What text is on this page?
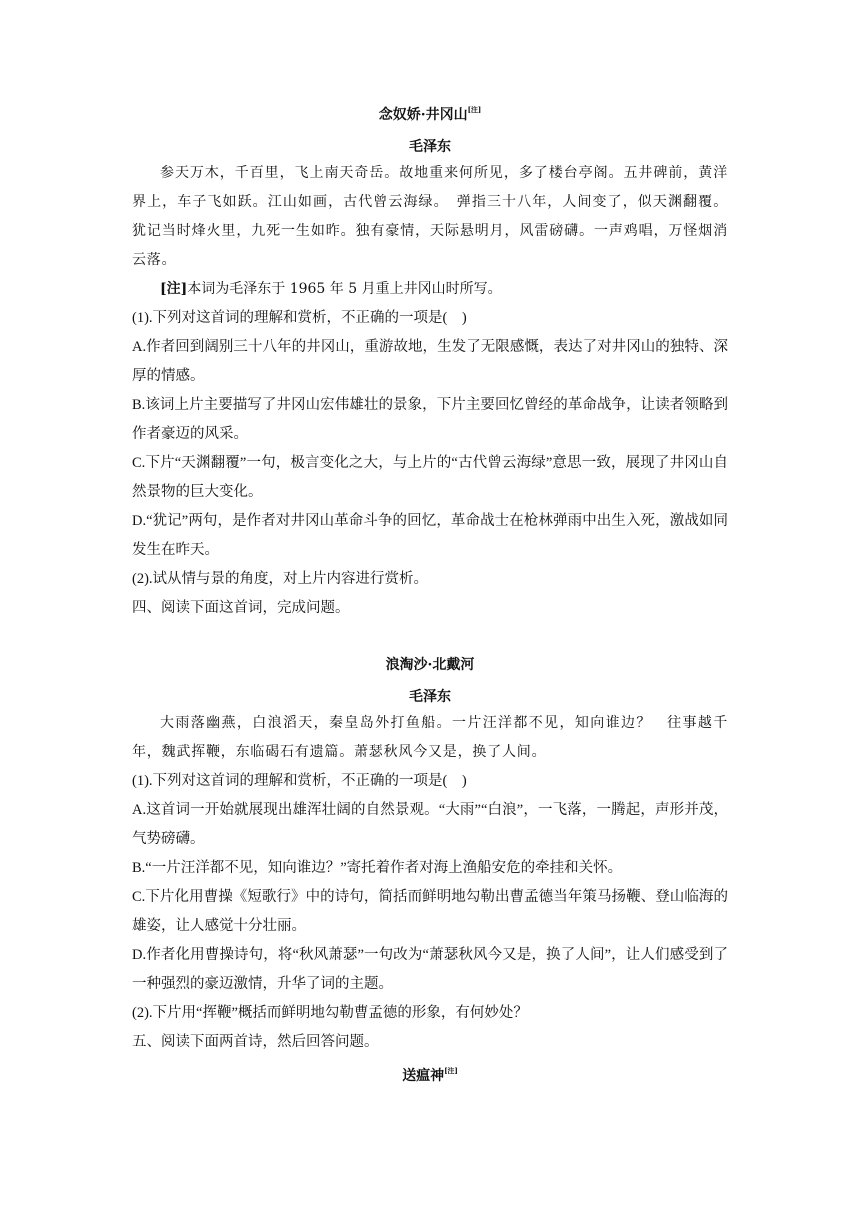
念奴娇·井冈山[注]

毛泽东

参天万木，千百里，飞上南天奇岳。故地重来何所见，多了楼台亭阁。五井碑前，黄洋界上，车子飞如跃。江山如画，古代曾云海绿。　弹指三十八年，人间变了，似天渊翻覆。犹记当时烽火里，九死一生如昨。独有豪情，天际悬明月，风雷磅礴。一声鸡唱，万怪烟消云落。

[注]本词为毛泽东于 1965 年 5 月重上井冈山时所写。

(1).下列对这首词的理解和赏析，不正确的一项是(　)

A.作者回到阔别三十八年的井冈山，重游故地，生发了无限感慨，表达了对井冈山的独特、深厚的情感。

B.该词上片主要描写了井冈山宏伟雄壮的景象，下片主要回忆曾经的革命战争，让读者领略到作者豪迈的风采。

C.下片“天渊翻覆”一句，极言变化之大，与上片的“古代曾云海绿”意思一致，展现了井冈山自然景物的巨大变化。

D.“犹记”两句，是作者对井冈山革命斗争的回忆，革命战士在枪林弹雨中出生入死，激战如同发生在昨天。

(2).试从情与景的角度，对上片内容进行赏析。

四、阅读下面这首词，完成问题。

浪淘沙·北戴河

毛泽东

大雨落幽燕，白浪滔天，秦皇岛外打鱼船。一片汪洋都不见，知向谁边？　往事越千年，魏武挥鞭，东临碣石有遗篇。萧瑟秋风今又是，换了人间。

(1).下列对这首词的理解和赏析，不正确的一项是(　)

A.这首词一开始就展现出雄浑壮阔的自然景观。“大雨”“白浪”，一飞落，一腾起，声形并茂，气势磅礴。

B.“一片汪洋都不见，知向谁边？”寄托着作者对海上渔船安危的牵挂和关怀。

C.下片化用曹操《短歌行》中的诗句，简括而鲜明地勾勒出曹孟德当年策马扬鞭、登山临海的雄姿，让人感觉十分壮丽。

D.作者化用曹操诗句，将“秋风萧瑟”一句改为“萧瑟秋风今又是，换了人间”，让人们感受到了一种强烈的豪迈激情，升华了词的主题。

(2).下片用“挥鞭”概括而鲜明地勾勒曹孟德的形象，有何妙处？

五、阅读下面两首诗，然后回答问题。

送瘟神[注]
